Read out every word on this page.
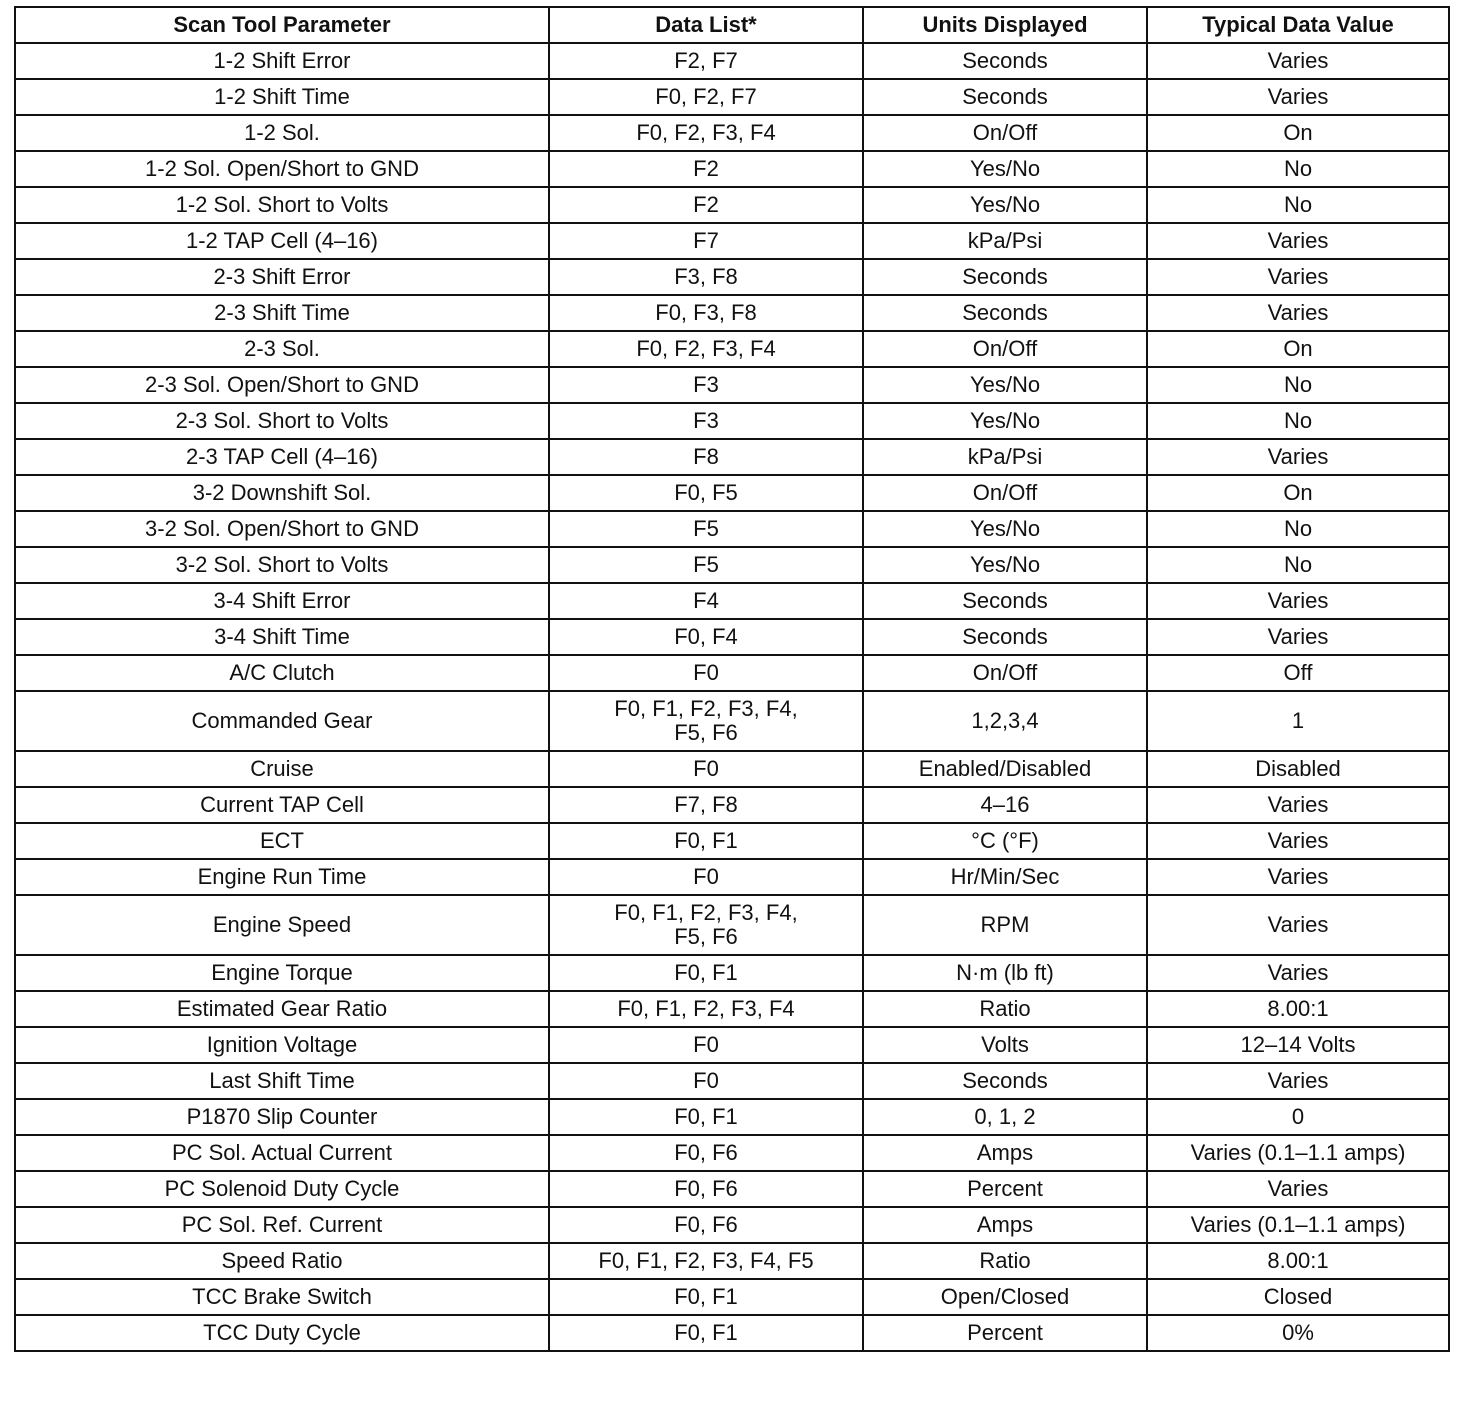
Scan Tool Parameter	Data List*	Units Displayed	Typical Data Value
1-2 Shift Error	F2, F7	Seconds	Varies
1-2 Shift Time	F0, F2, F7	Seconds	Varies
1-2 Sol.	F0, F2, F3, F4	On/Off	On
1-2 Sol. Open/Short to GND	F2	Yes/No	No
1-2 Sol. Short to Volts	F2	Yes/No	No
1-2 TAP Cell (4–16)	F7	kPa/Psi	Varies
2-3 Shift Error	F3, F8	Seconds	Varies
2-3 Shift Time	F0, F3, F8	Seconds	Varies
2-3 Sol.	F0, F2, F3, F4	On/Off	On
2-3 Sol. Open/Short to GND	F3	Yes/No	No
2-3 Sol. Short to Volts	F3	Yes/No	No
2-3 TAP Cell (4–16)	F8	kPa/Psi	Varies
3-2 Downshift Sol.	F0, F5	On/Off	On
3-2 Sol. Open/Short to GND	F5	Yes/No	No
3-2 Sol. Short to Volts	F5	Yes/No	No
3-4 Shift Error	F4	Seconds	Varies
3-4 Shift Time	F0, F4	Seconds	Varies
A/C Clutch	F0	On/Off	Off
Commanded Gear	F0, F1, F2, F3, F4, F5, F6	1,2,3,4	1
Cruise	F0	Enabled/Disabled	Disabled
Current TAP Cell	F7, F8	4–16	Varies
ECT	F0, F1	°C (°F)	Varies
Engine Run Time	F0	Hr/Min/Sec	Varies
Engine Speed	F0, F1, F2, F3, F4, F5, F6	RPM	Varies
Engine Torque	F0, F1	N·m (lb ft)	Varies
Estimated Gear Ratio	F0, F1, F2, F3, F4	Ratio	8.00:1
Ignition Voltage	F0	Volts	12–14 Volts
Last Shift Time	F0	Seconds	Varies
P1870 Slip Counter	F0, F1	0, 1, 2	0
PC Sol. Actual Current	F0, F6	Amps	Varies (0.1–1.1 amps)
PC Solenoid Duty Cycle	F0, F6	Percent	Varies
PC Sol. Ref. Current	F0, F6	Amps	Varies (0.1–1.1 amps)
Speed Ratio	F0, F1, F2, F3, F4, F5	Ratio	8.00:1
TCC Brake Switch	F0, F1	Open/Closed	Closed
TCC Duty Cycle	F0, F1	Percent	0%
